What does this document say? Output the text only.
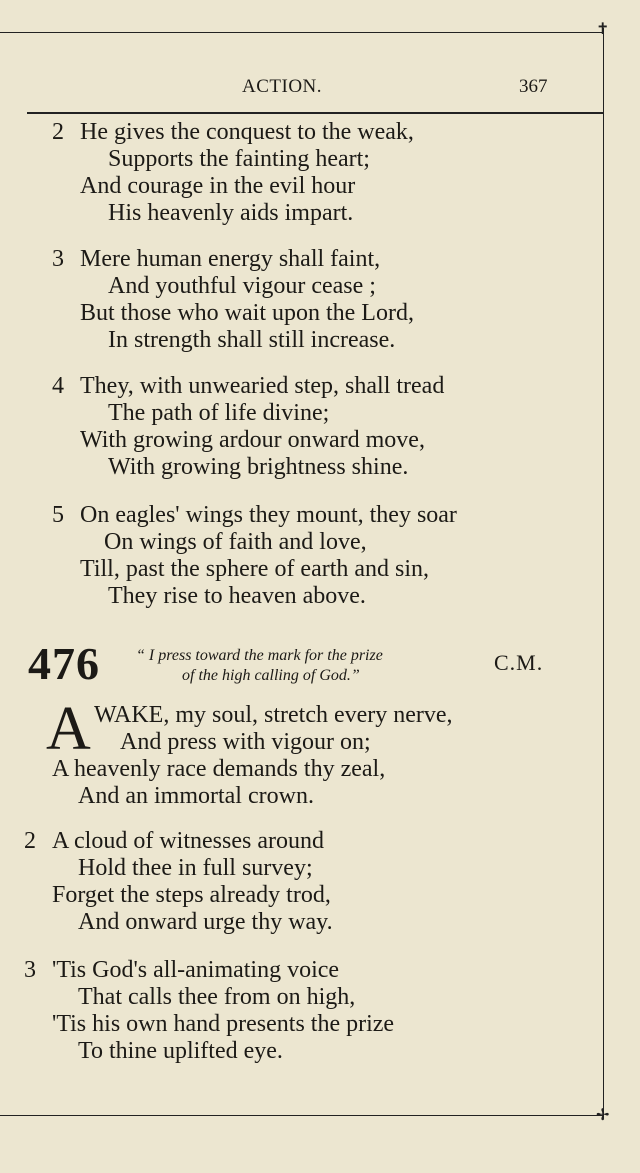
✝
✢
ACTION.	367
2 He gives the conquest to the weak,
Supports the fainting heart;
And courage in the evil hour
His heavenly aids impart.
3 Mere human energy shall faint,
And youthful vigour cease ;
But those who wait upon the Lord,
In strength shall still increase.
4 They, with unwearied step, shall tread
The path of life divine;
With growing ardour onward move,
With growing brightness shine.
5 On eagles' wings they mount, they soar
On wings of faith and love,
Till, past the sphere of earth and sin,
They rise to heaven above.
476 “ I press toward the mark for the prize
of the high calling of God.”
C.M.
A WAKE, my soul, stretch every nerve,
And press with vigour on;
A heavenly race demands thy zeal,
And an immortal crown.
2 A cloud of witnesses around
Hold thee in full survey;
Forget the steps already trod,
And onward urge thy way.
3 'Tis God's all-animating voice
That calls thee from on high,
'Tis his own hand presents the prize
To thine uplifted eye.
